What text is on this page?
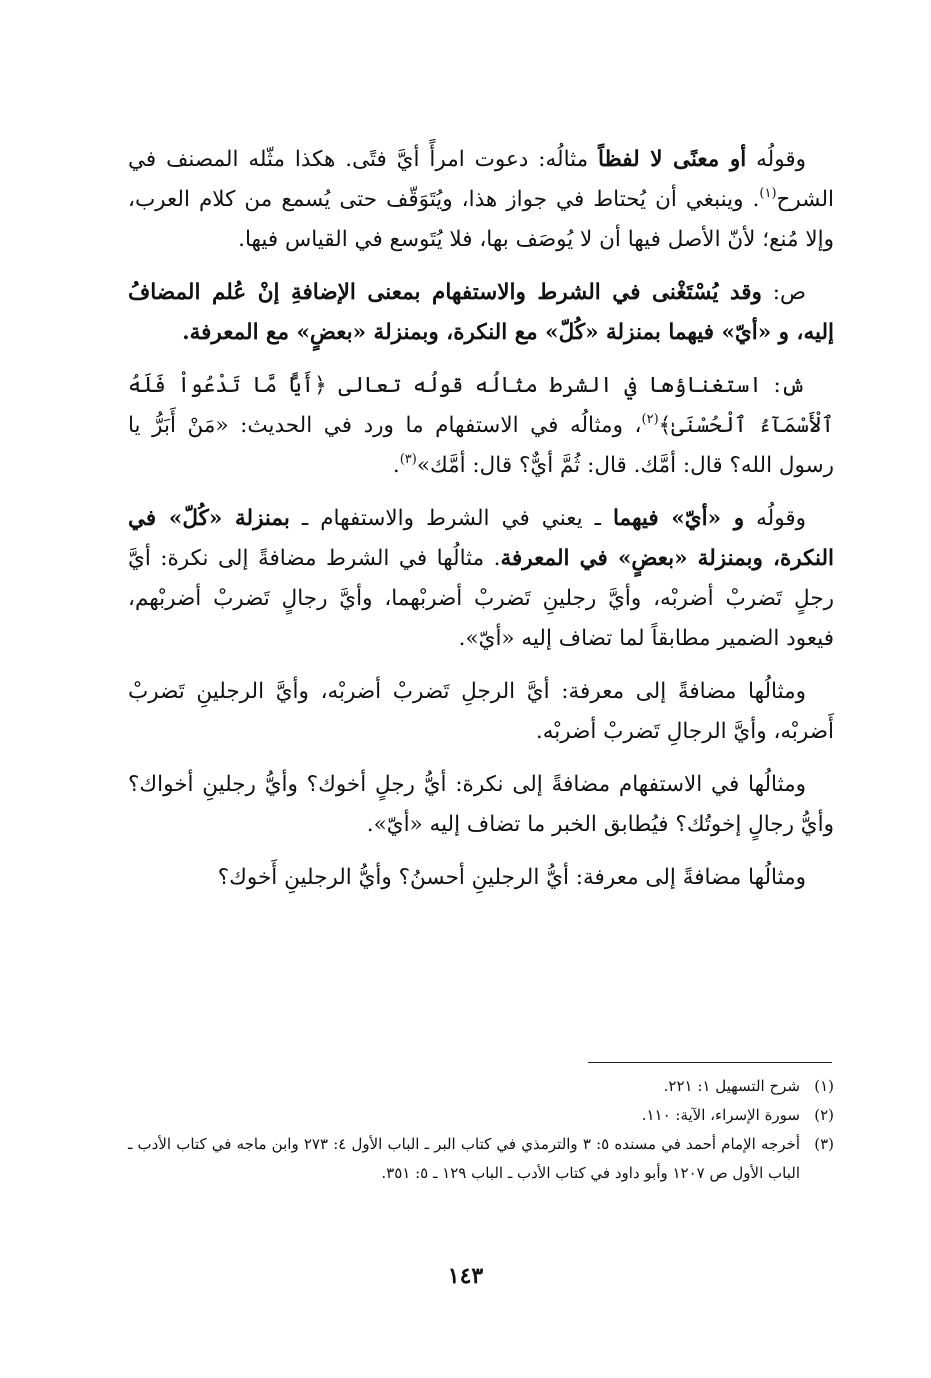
وقولُه أو معنًى لا لفظاً مثالُه: دعوت امرأً أيَّ فتًى. هكذا مثّله المصنف في الشرح$^{(١)}$. وينبغي أن يُحتاط في جواز هذا، ويُتَوَقّف حتى يُسمع من كلام العرب، وإلا مُنع؛ لأنّ الأصل فيها أن لا يُوصَف بها، فلا يُتَوسع في القياس فيها.

ص: وقد يُسْتَغْنى في الشرط والاستفهام بمعنى الإضافةِ إنْ عُلم المضافُ إليه، و «أيّ» فيهما بمنزلة «كُلّ» مع النكرة، وبمنزلة «بعضٍ» مع المعرفة.

ش: استغناؤها في الشرط مثالُه قولُه تعالى ﴿أَيًّا مَّا تَدْعُواْ فَلَهُ ٱلْأَسْمَآءُ ٱلْحُسْنَىٰ﴾$^{(٢)}$، ومثالُه في الاستفهام ما ورد في الحديث: «مَنْ أَبَرُّ يا رسول الله؟ قال: أمَّك. قال: ثُمَّ أيٌّ؟ قال: أمَّك»$^{(٣)}$.

وقولُه و «أيّ» فيهما ـ يعني في الشرط والاستفهام ـ بمنزلة «كُلّ» في النكرة، وبمنزلة «بعضٍ» في المعرفة. مثالُها في الشرط مضافةً إلى نكرة: أيَّ رجلٍ تَضربْ أضربْه، وأيَّ رجلينِ تَضربْ أضربْهما، وأيَّ رجالٍ تَضربْ أضربْهم، فيعود الضمير مطابقاً لما تضاف إليه «أيّ».

ومثالُها مضافةً إلى معرفة: أيَّ الرجلِ تَضربْ أضربْه، وأيَّ الرجلينِ تَضربْ أَضربْه، وأيَّ الرجالِ تَضربْ أضربْه.

ومثالُها في الاستفهام مضافةً إلى نكرة: أيُّ رجلٍ أخوك؟ وأيُّ رجلينِ أخواك؟ وأيُّ رجالٍ إخوتُك؟ فيُطابق الخبر ما تضاف إليه «أيّ».

ومثالُها مضافةً إلى معرفة: أيُّ الرجلينِ أحسنُ؟ وأيُّ الرجلينِ أَخوك؟

(١)
شرح التسهيل ١: ٢٢١.
(٢)
سورة الإسراء، الآية: ١١٠.
(٣)
أخرجه الإمام أحمد في مسنده ٥: ٣ والترمذي في كتاب البر ـ الباب الأول ٤: ٢٧٣ وابن ماجه في كتاب الأدب ـ الباب الأول ص ١٢٠٧ وأبو داود في كتاب الأدب ـ الباب ١٢٩ ـ ٥: ٣٥١.
١٤٣
